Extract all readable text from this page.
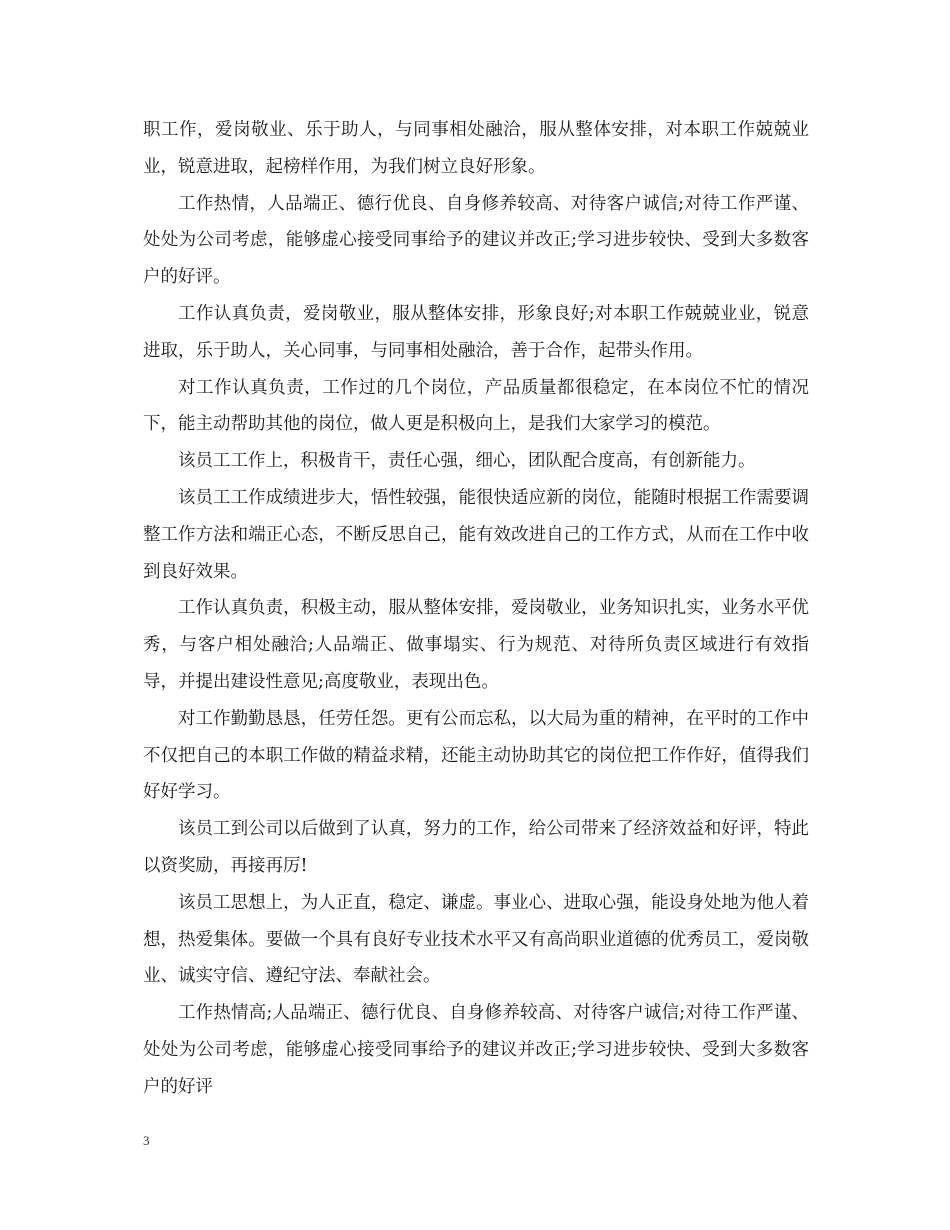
职工作，爱岗敬业、乐于助人，与同事相处融洽，服从整体安排，对本职工作兢兢业业，锐意进取，起榜样作用，为我们树立良好形象。

工作热情，人品端正、德行优良、自身修养较高、对待客户诚信;对待工作严谨、处处为公司考虑，能够虚心接受同事给予的建议并改正;学习进步较快、受到大多数客户的好评。

工作认真负责，爱岗敬业，服从整体安排，形象良好;对本职工作兢兢业业，锐意进取，乐于助人，关心同事，与同事相处融洽，善于合作，起带头作用。

对工作认真负责，工作过的几个岗位，产品质量都很稳定，在本岗位不忙的情况下，能主动帮助其他的岗位，做人更是积极向上，是我们大家学习的模范。

该员工工作上，积极肯干，责任心强，细心，团队配合度高，有创新能力。

该员工工作成绩进步大，悟性较强，能很快适应新的岗位，能随时根据工作需要调整工作方法和端正心态，不断反思自己，能有效改进自己的工作方式，从而在工作中收到良好效果。

工作认真负责，积极主动，服从整体安排，爱岗敬业，业务知识扎实，业务水平优秀，与客户相处融洽;人品端正、做事塌实、行为规范、对待所负责区域进行有效指导，并提出建设性意见;高度敬业，表现出色。

对工作勤勤恳恳，任劳任怨。更有公而忘私，以大局为重的精神，在平时的工作中不仅把自己的本职工作做的精益求精，还能主动协助其它的岗位把工作作好，值得我们好好学习。

该员工到公司以后做到了认真，努力的工作，给公司带来了经济效益和好评，特此以资奖励，再接再厉!

该员工思想上，为人正直，稳定、谦虚。事业心、进取心强，能设身处地为他人着想，热爱集体。要做一个具有良好专业技术水平又有高尚职业道德的优秀员工，爱岗敬业、诚实守信、遵纪守法、奉献社会。

工作热情高;人品端正、德行优良、自身修养较高、对待客户诚信;对待工作严谨、处处为公司考虑，能够虚心接受同事给予的建议并改正;学习进步较快、受到大多数客户的好评

3
